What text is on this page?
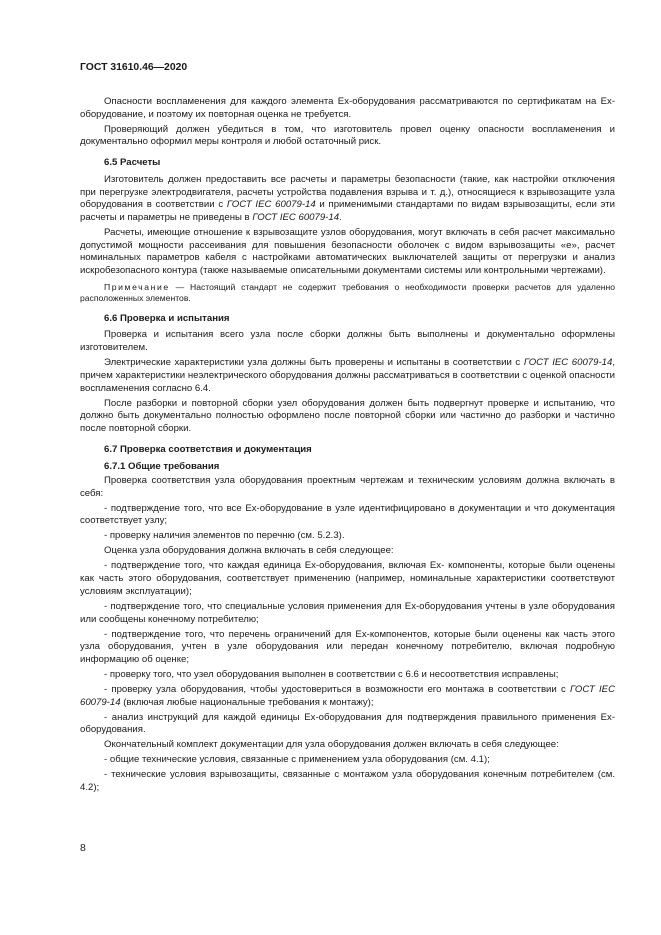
ГОСТ 31610.46—2020

Опасности воспламенения для каждого элемента Ex-оборудования рассматриваются по сертификатам на Ex-оборудование, и поэтому их повторная оценка не требуется.

Проверяющий должен убедиться в том, что изготовитель провел оценку опасности воспламенения и документально оформил меры контроля и любой остаточный риск.

6.5 Расчеты

Изготовитель должен предоставить все расчеты и параметры безопасности (такие, как настройки отключения при перегрузке электродвигателя, расчеты устройства подавления взрыва и т. д.), относящиеся к взрывозащите узла оборудования в соответствии с ГОСТ IEC 60079-14 и применимыми стандартами по видам взрывозащиты, если эти расчеты и параметры не приведены в ГОСТ IEC 60079-14.

Расчеты, имеющие отношение к взрывозащите узлов оборудования, могут включать в себя расчет максимально допустимой мощности рассеивания для повышения безопасности оболочек с видом взрывозащиты «е», расчет номинальных параметров кабеля с настройками автоматических выключателей защиты от перегрузки и анализ искробезопасного контура (также называемые описательными документами системы или контрольными чертежами).

Примечание — Настоящий стандарт не содержит требования о необходимости проверки расчетов для удаленно расположенных элементов.

6.6 Проверка и испытания

Проверка и испытания всего узла после сборки должны быть выполнены и документально оформлены изготовителем.

Электрические характеристики узла должны быть проверены и испытаны в соответствии с ГОСТ IEC 60079-14, причем характеристики неэлектрического оборудования должны рассматриваться в соответствии с оценкой опасности воспламенения согласно 6.4.

После разборки и повторной сборки узел оборудования должен быть подвергнут проверке и испытанию, что должно быть документально полностью оформлено после повторной сборки или частично до разборки и частично после повторной сборки.

6.7 Проверка соответствия и документация
6.7.1 Общие требования

Проверка соответствия узла оборудования проектным чертежам и техническим условиям должна включать в себя:

- подтверждение того, что все Ex-оборудование в узле идентифицировано в документации и что документация соответствует узлу;

- проверку наличия элементов по перечню (см. 5.2.3).

Оценка узла оборудования должна включать в себя следующее:

- подтверждение того, что каждая единица Ex-оборудования, включая Ex- компоненты, которые были оценены как часть этого оборудования, соответствует применению (например, номинальные характеристики соответствуют условиям эксплуатации);

- подтверждение того, что специальные условия применения для Ex-оборудования учтены в узле оборудования или сообщены конечному потребителю;

- подтверждение того, что перечень ограничений для Ex-компонентов, которые были оценены как часть этого узла оборудования, учтен в узле оборудования или передан конечному потребителю, включая подробную информацию об оценке;

- проверку того, что узел оборудования выполнен в соответствии с 6.6 и несоответствия исправлены;

- проверку узла оборудования, чтобы удостовериться в возможности его монтажа в соответствии с ГОСТ IEC 60079-14 (включая любые национальные требования к монтажу);

- анализ инструкций для каждой единицы Ex-оборудования для подтверждения правильного применения Ex-оборудования.

Окончательный комплект документации для узла оборудования должен включать в себя следующее:

- общие технические условия, связанные с применением узла оборудования (см. 4.1);

- технические условия взрывозащиты, связанные с монтажом узла оборудования конечным потребителем (см. 4.2);

8
